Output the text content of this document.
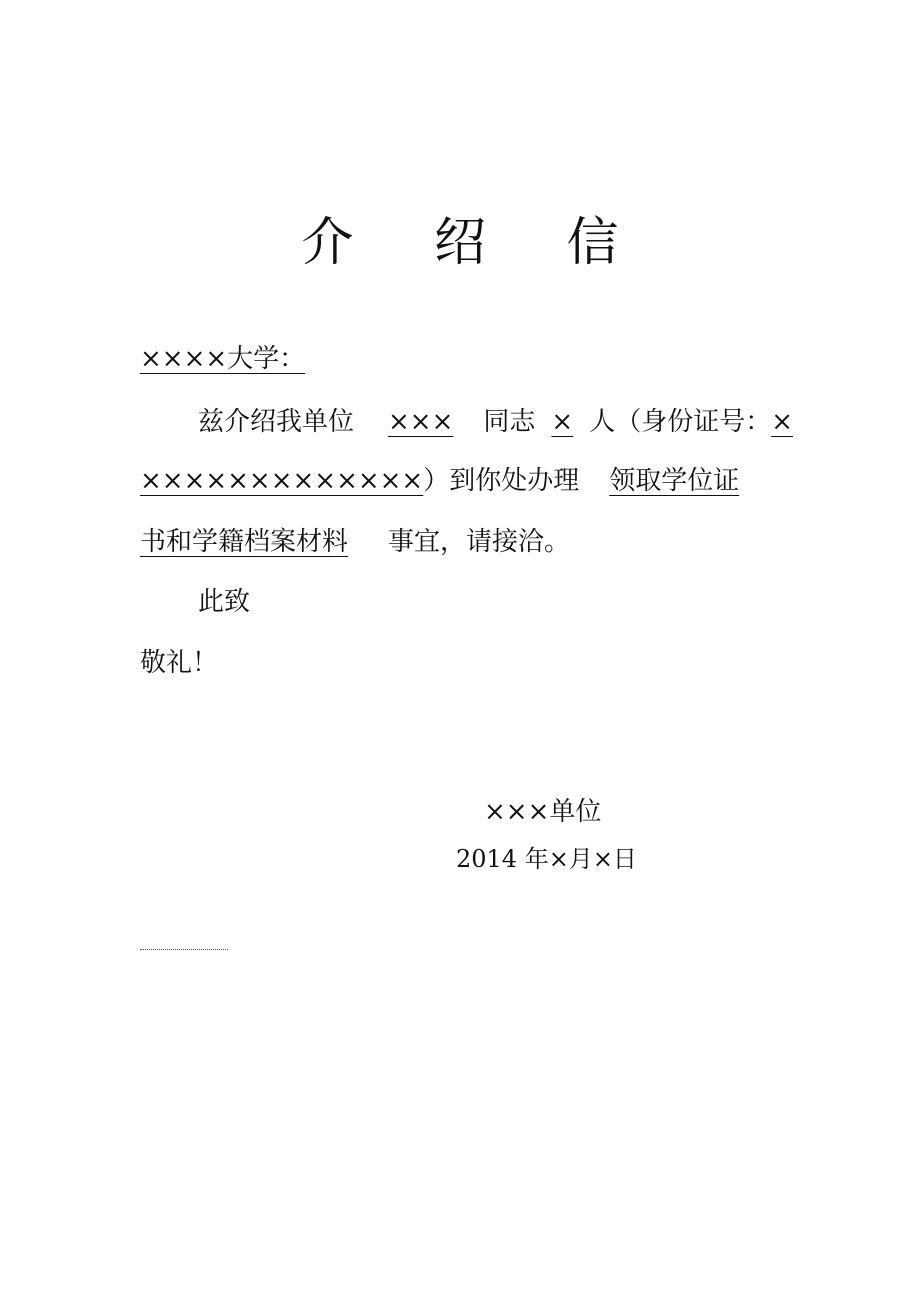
介 绍 信
××××大学：
兹介绍我单位 ××× 同志 × 人（身份证号：×
×××××××××××××）到你处办理 领取学位证
书和学籍档案材料 事宜，请接洽。
此致
敬礼！
×××单位
2014 年×月×日
